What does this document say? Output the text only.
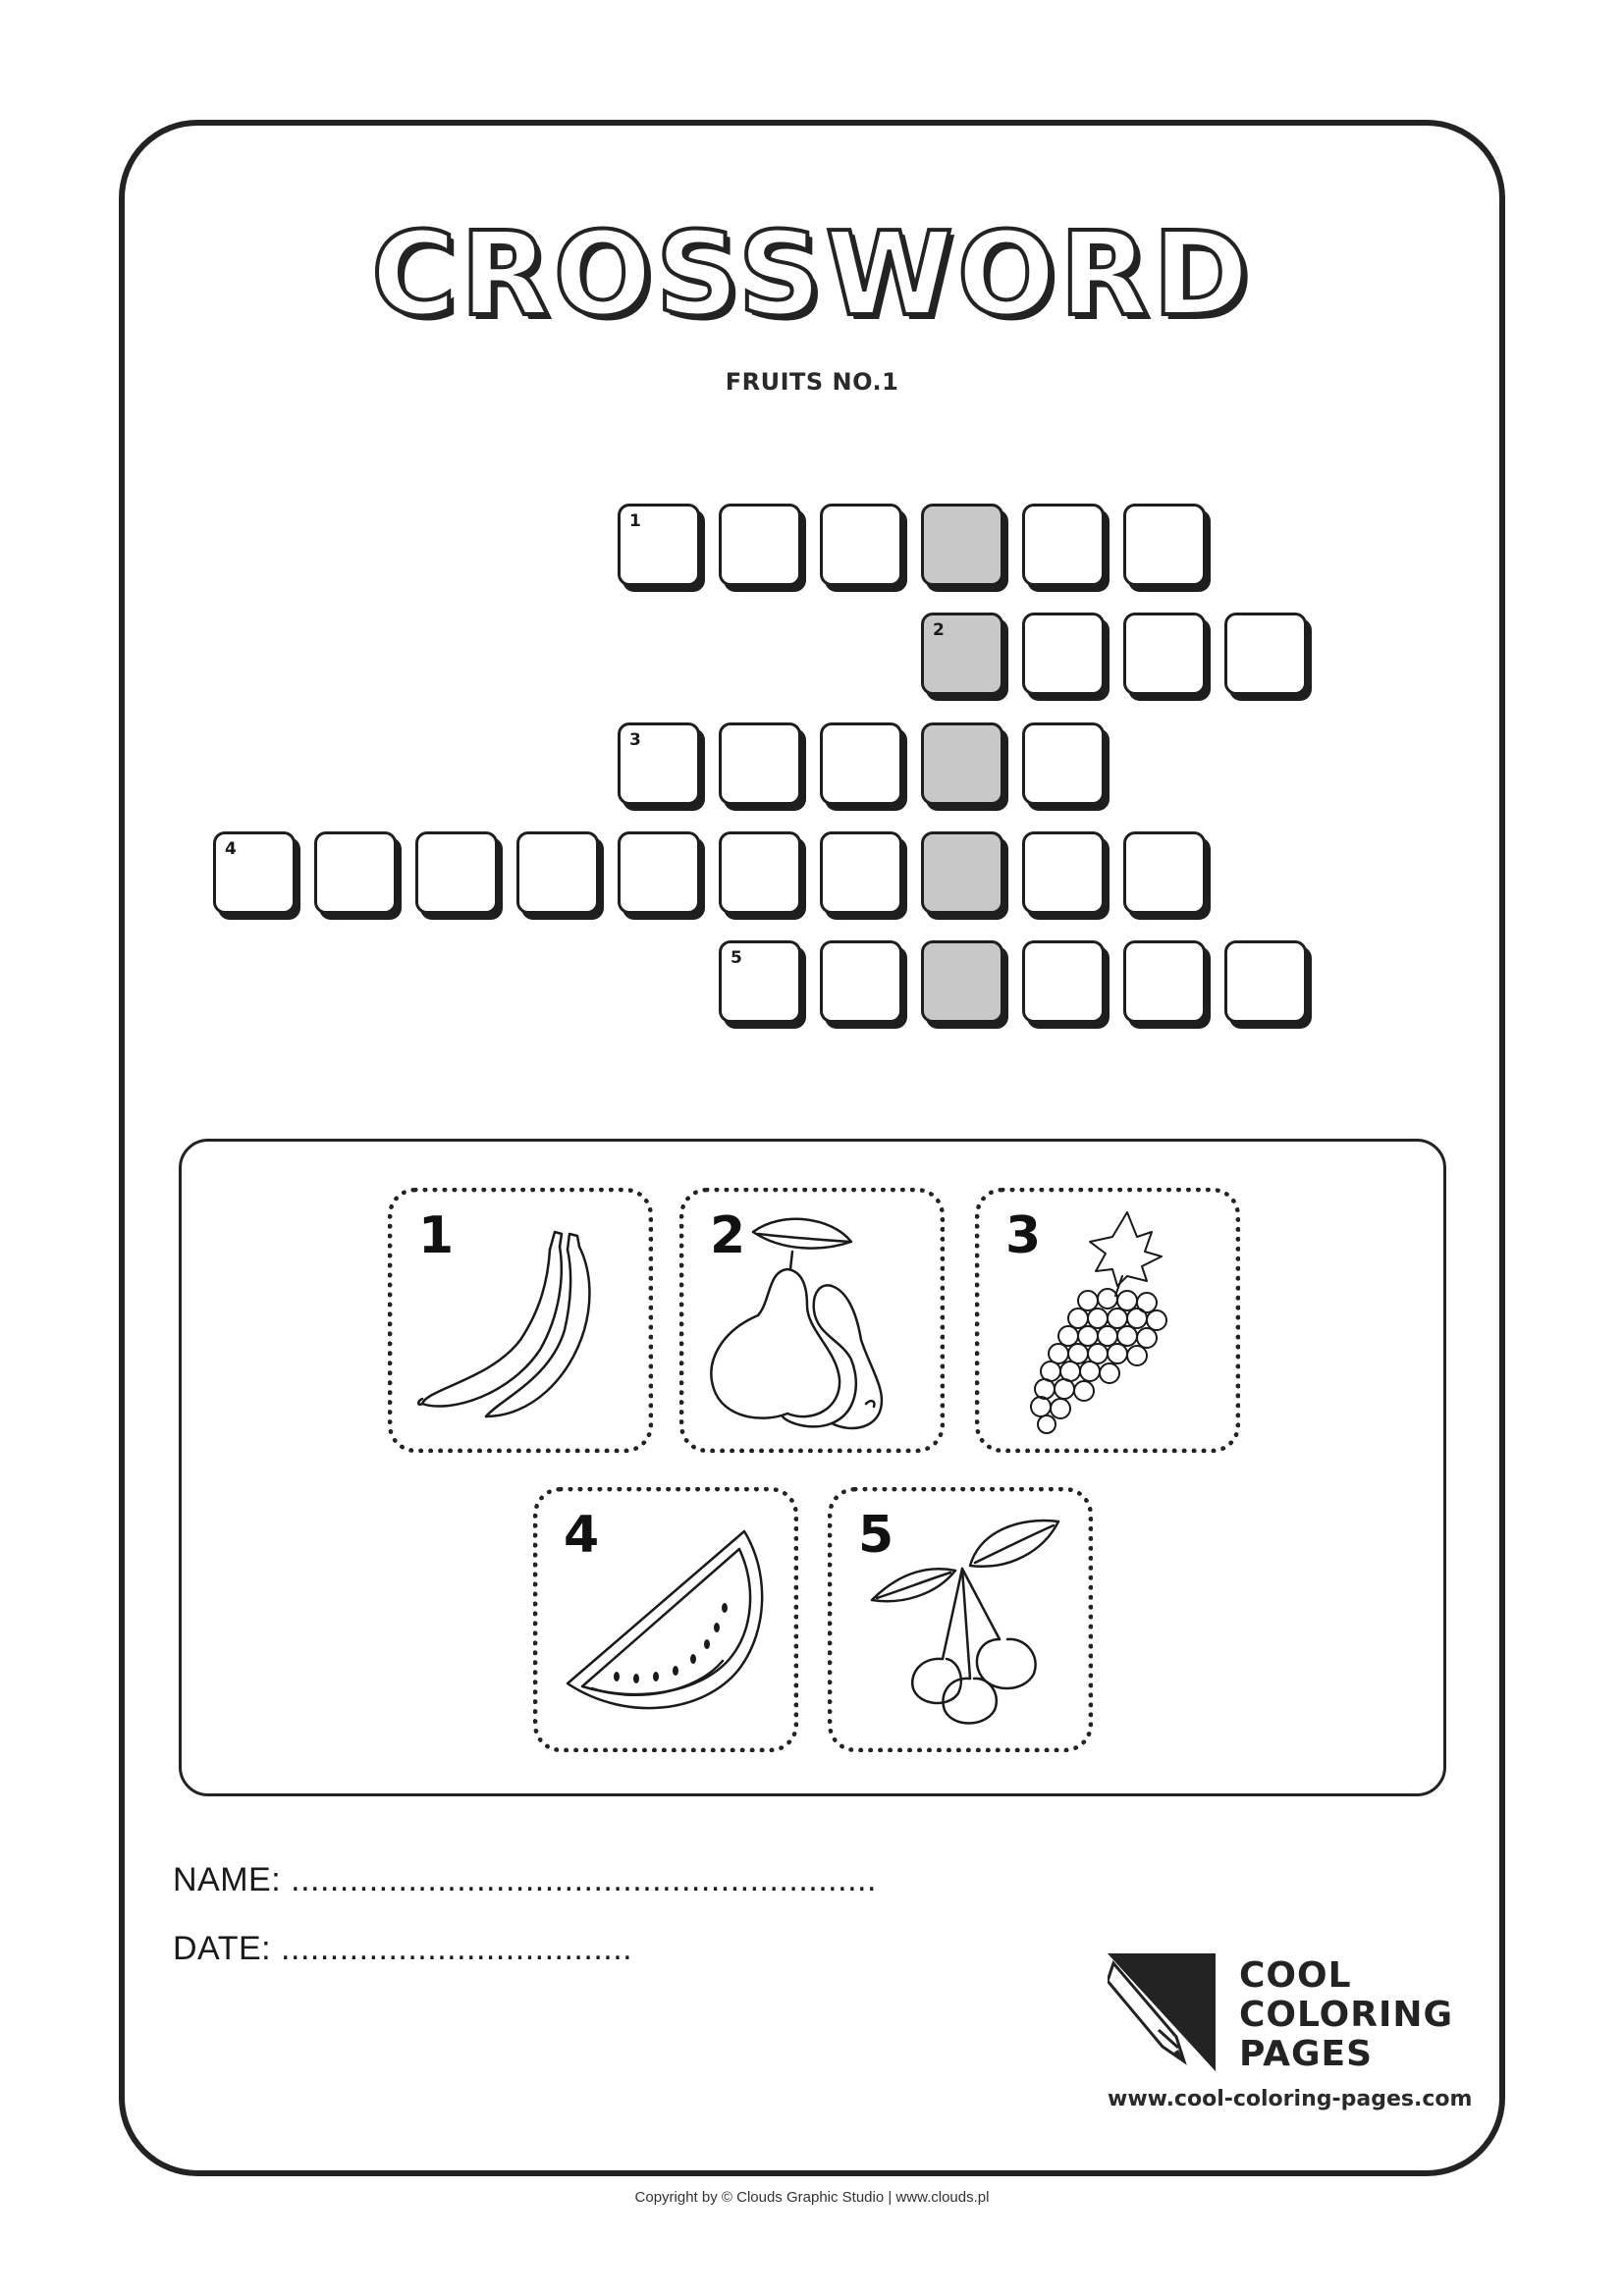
CROSSWORD
FRUITS NO.1
1
2
3
4
5
1	2	3
4	5
NAME: ............................................................
DATE: ....................................
COOL
COLORING
PAGES
www.cool-coloring-pages.com
Copyright by © Clouds Graphic Studio | www.clouds.pl
